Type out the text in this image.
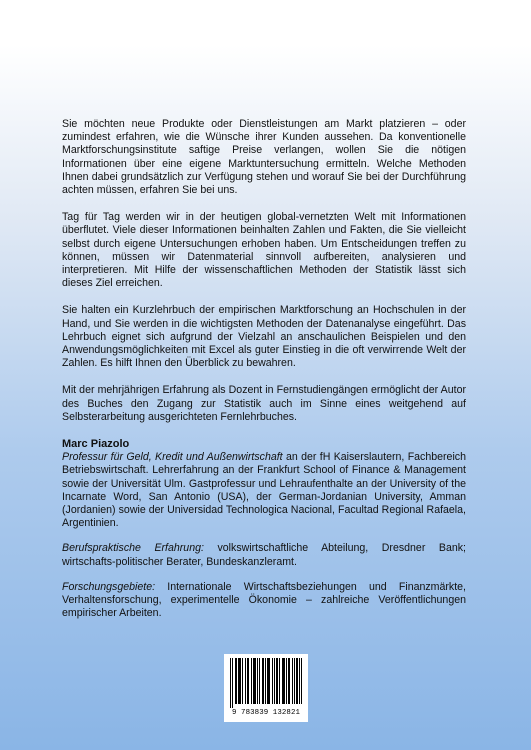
Sie möchten neue Produkte oder Dienstleistungen am Markt platzieren – oder zumindest erfahren, wie die Wünsche ihrer Kunden aussehen. Da konventionelle Marktforschungsinstitute saftige Preise verlangen, wollen Sie die nötigen Informationen über eine eigene Marktuntersuchung ermitteln. Welche Methoden Ihnen dabei grundsätzlich zur Verfügung stehen und worauf Sie bei der Durchführung achten müssen, erfahren Sie bei uns.

Tag für Tag werden wir in der heutigen global-vernetzten Welt mit Informationen überflutet. Viele dieser Informationen beinhalten Zahlen und Fakten, die Sie vielleicht selbst durch eigene Untersuchungen erhoben haben. Um Entscheidungen treffen zu können, müssen wir Datenmaterial sinnvoll aufbereiten, analysieren und interpretieren. Mit Hilfe der wissenschaftlichen Methoden der Statistik lässt sich dieses Ziel erreichen.

Sie halten ein Kurzlehrbuch der empirischen Marktforschung an Hochschulen in der Hand, und Sie werden in die wichtigsten Methoden der Datenanalyse eingeführt. Das Lehrbuch eignet sich aufgrund der Vielzahl an anschaulichen Beispielen und den Anwendungsmöglichkeiten mit Excel als guter Einstieg in die oft verwirrende Welt der Zahlen. Es hilft Ihnen den Überblick zu bewahren.

Mit der mehrjährigen Erfahrung als Dozent in Fernstudiengängen ermöglicht der Autor des Buches den Zugang zur Statistik auch im Sinne eines weitgehend auf Selbsterarbeitung ausgerichteten Fernlehrbuches.

Marc Piazolo

Professur für Geld, Kredit und Außenwirtschaft an der fH Kaiserslautern, Fachbereich Betriebswirtschaft. Lehrerfahrung an der Frankfurt School of Finance & Management sowie der Universität Ulm. Gastprofessur und Lehraufenthalte an der University of the Incarnate Word, San Antonio (USA), der German-Jordanian University, Amman (Jordanien) sowie der Universidad Technologica Nacional, Facultad Regional Rafaela, Argentinien.

Berufspraktische Erfahrung: volkswirtschaftliche Abteilung, Dresdner Bank; wirtschafts-politischer Berater, Bundeskanzleramt.

Forschungsgebiete: Internationale Wirtschaftsbeziehungen und Finanzmärkte, Verhaltensforschung, experimentelle Ökonomie – zahlreiche Veröffentlichungen empirischer Arbeiten.

9 783839 132821
